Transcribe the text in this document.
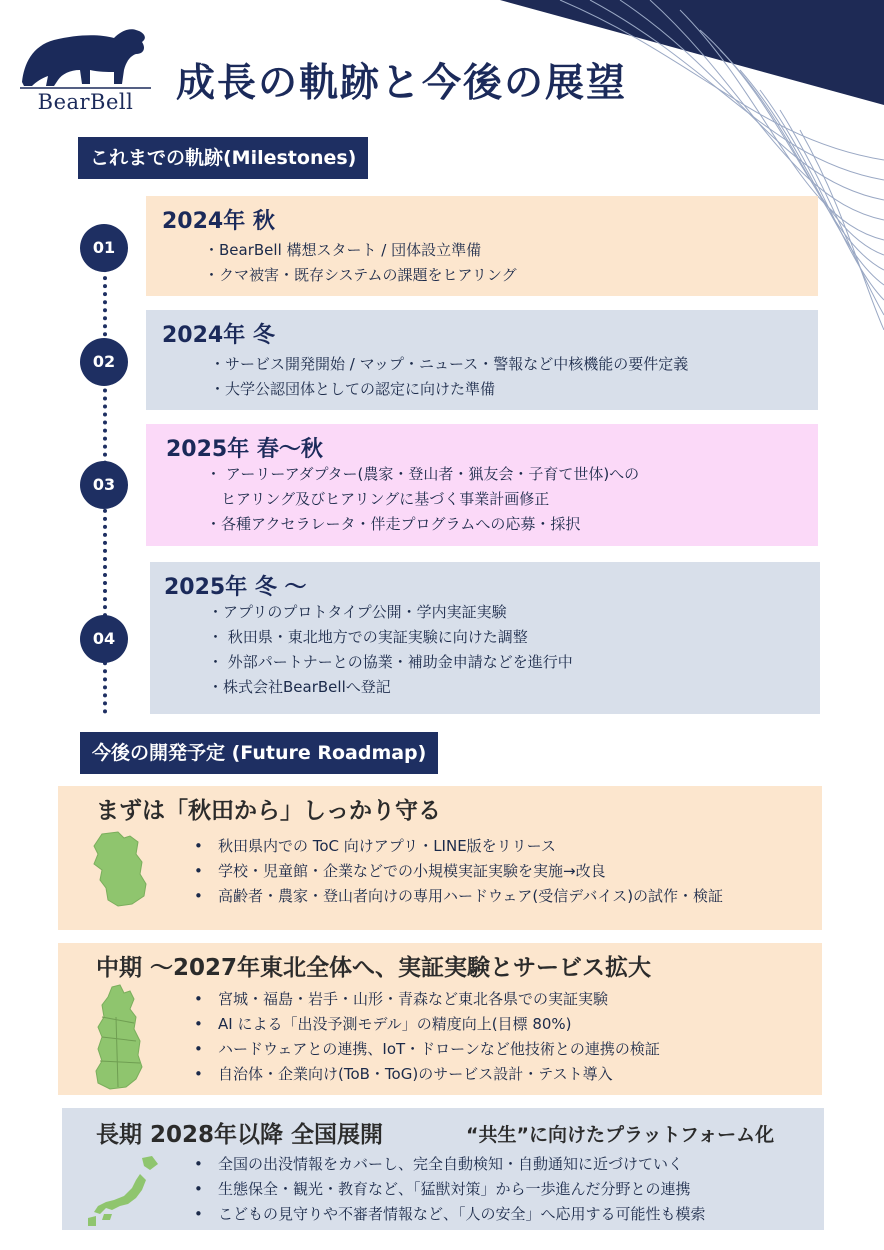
BearBell	成長の軌跡と今後の展望
これまでの軌跡(Milestones)
01
2024年 秋
・BearBell 構想スタート / 団体設立準備
・クマ被害・既存システムの課題をヒアリング
02
2024年 冬
・サービス開発開始 / マップ・ニュース・警報など中核機能の要件定義
・大学公認団体としての認定に向けた準備
03
2025年 春〜秋
・ アーリーアダプター(農家・登山者・猟友会・子育て世体)への
　ヒアリング及びヒアリングに基づく事業計画修正
・各種アクセラレータ・伴走プログラムへの応募・採択
04
2025年 冬 〜
・アプリのプロトタイプ公開・学内実証実験
・ 秋田県・東北地方での実証実験に向けた調整
・ 外部パートナーとの協業・補助金申請などを進行中
・株式会社BearBellへ登記
今後の開発予定 (Future Roadmap)
まずは「秋田から」しっかり守る
• 秋田県内での ToC 向けアプリ・LINE版をリリース
• 学校・児童館・企業などでの小規模実証実験を実施→改良
• 高齢者・農家・登山者向けの専用ハードウェア(受信デバイス)の試作・検証
中期 〜2027年東北全体へ、実証実験とサービス拡大
• 宮城・福島・岩手・山形・青森など東北各県での実証実験
• AI による「出没予測モデル」の精度向上(目標 80%)
• ハードウェアとの連携、IoT・ドローンなど他技術との連携の検証
• 自治体・企業向け(ToB・ToG)のサービス設計・テスト導入
長期 2028年以降 全国展開	“共生”に向けたプラットフォーム化
• 全国の出没情報をカバーし、完全自動検知・自動通知に近づけていく
• 生態保全・観光・教育など、「猛獣対策」から一歩進んだ分野との連携
• こどもの見守りや不審者情報など、「人の安全」へ応用する可能性も模索
